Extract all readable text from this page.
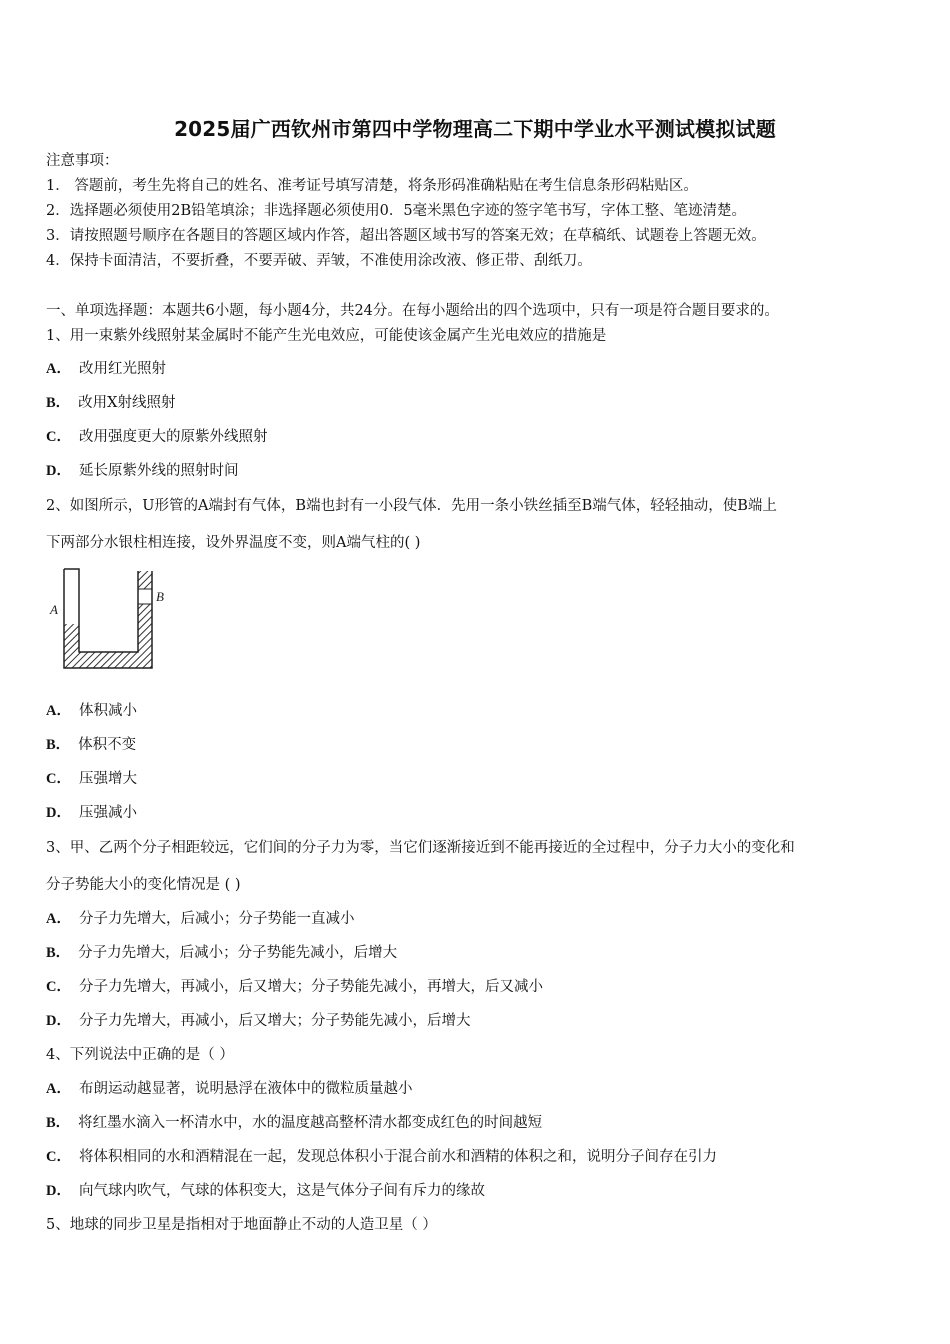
2025届广西钦州市第四中学物理高二下期中学业水平测试模拟试题
注意事项：
1． 答题前，考生先将自己的姓名、准考证号填写清楚，将条形码准确粘贴在考生信息条形码粘贴区。
2．选择题必须使用2B铅笔填涂；非选择题必须使用0．5毫米黑色字迹的签字笔书写，字体工整、笔迹清楚。
3．请按照题号顺序在各题目的答题区域内作答，超出答题区域书写的答案无效；在草稿纸、试题卷上答题无效。
4．保持卡面清洁，不要折叠，不要弄破、弄皱，不准使用涂改液、修正带、刮纸刀。
一、单项选择题：本题共6小题，每小题4分，共24分。在每小题给出的四个选项中，只有一项是符合题目要求的。
1、用一束紫外线照射某金属时不能产生光电效应，可能使该金属产生光电效应的措施是
A． 改用红光照射
B． 改用X射线照射
C． 改用强度更大的原紫外线照射
D． 延长原紫外线的照射时间
2、如图所示，U形管的A端封有气体，B端也封有一小段气体．先用一条小铁丝插至B端气体，轻轻抽动，使B端上
下两部分水银柱相连接，设外界温度不变，则A端气柱的( )
A
B
A． 体积减小
B． 体积不变
C． 压强增大
D． 压强减小
3、甲、乙两个分子相距较远，它们间的分子力为零，当它们逐渐接近到不能再接近的全过程中，分子力大小的变化和
分子势能大小的变化情况是 ( )
A． 分子力先增大，后减小；分子势能一直减小
B． 分子力先增大，后减小；分子势能先减小，后增大
C． 分子力先增大，再减小，后又增大；分子势能先减小，再增大，后又减小
D． 分子力先增大，再减小，后又增大；分子势能先减小，后增大
4、下列说法中正确的是（ ）
A． 布朗运动越显著，说明悬浮在液体中的微粒质量越小
B． 将红墨水滴入一杯清水中，水的温度越高整杯清水都变成红色的时间越短
C． 将体积相同的水和酒精混在一起，发现总体积小于混合前水和酒精的体积之和，说明分子间存在引力
D． 向气球内吹气，气球的体积变大，这是气体分子间有斥力的缘故
5、地球的同步卫星是指相对于地面静止不动的人造卫星（ ）
